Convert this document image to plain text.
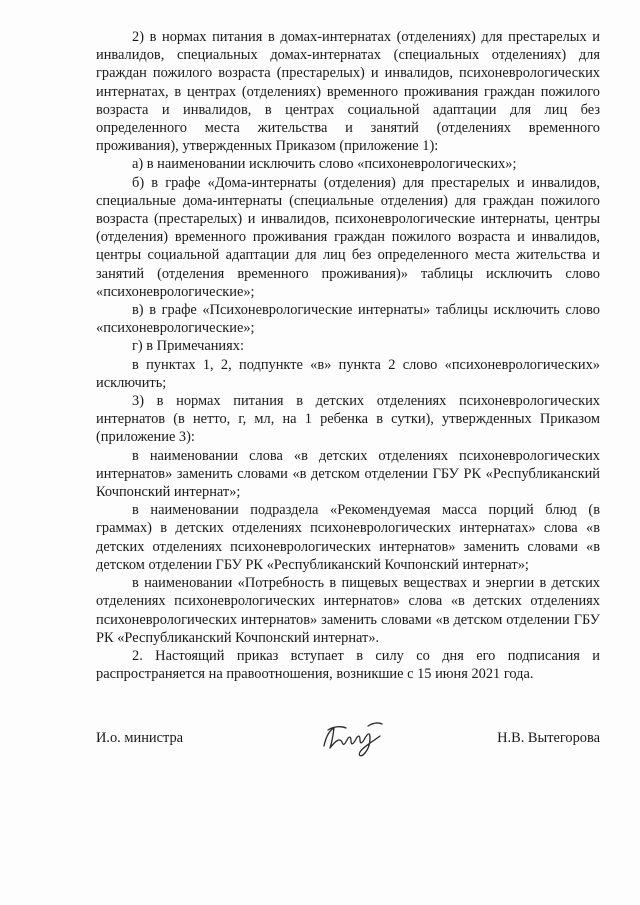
2) в нормах питания в домах-интернатах (отделениях) для престарелых и инвалидов, специальных домах-интернатах (специальных отделениях) для граждан пожилого возраста (престарелых) и инвалидов, психоневрологических интернатах, в центрах (отделениях) временного проживания граждан пожилого возраста и инвалидов, в центрах социальной адаптации для лиц без определенного места жительства и занятий (отделениях временного проживания), утвержденных Приказом (приложение 1):

а) в наименовании исключить слово «психоневрологических»;

б) в графе «Дома-интернаты (отделения) для престарелых и инвалидов, специальные дома-интернаты (специальные отделения) для граждан пожилого возраста (престарелых) и инвалидов, психоневрологические интернаты, центры (отделения) временного проживания граждан пожилого возраста и инвалидов, центры социальной адаптации для лиц без определенного места жительства и занятий (отделения временного проживания)» таблицы исключить слово «психоневрологические»;

в) в графе «Психоневрологические интернаты» таблицы исключить слово «психоневрологические»;

г) в Примечаниях:

в пунктах 1, 2, подпункте «в» пункта 2 слово «психоневрологических» исключить;

3) в нормах питания в детских отделениях психоневрологических интернатов (в нетто, г, мл, на 1 ребенка в сутки), утвержденных Приказом (приложение 3):

в наименовании слова «в детских отделениях психоневрологических интернатов» заменить словами «в детском отделении ГБУ РК «Республиканский Кочпонский интернат»;

в наименовании подраздела «Рекомендуемая масса порций блюд (в граммах) в детских отделениях психоневрологических интернатах» слова «в детских отделениях психоневрологических интернатов» заменить словами «в детском отделении ГБУ РК «Республиканский Кочпонский интернат»;

в наименовании «Потребность в пищевых веществах и энергии в детских отделениях психоневрологических интернатов» слова «в детских отделениях психоневрологических интернатов» заменить словами «в детском отделении ГБУ РК «Республиканский Кочпонский интернат».

2. Настоящий приказ вступает в силу со дня его подписания и распространяется на правоотношения, возникшие с 15 июня 2021 года.

И.о. министра	Н.В. Вытегорова
